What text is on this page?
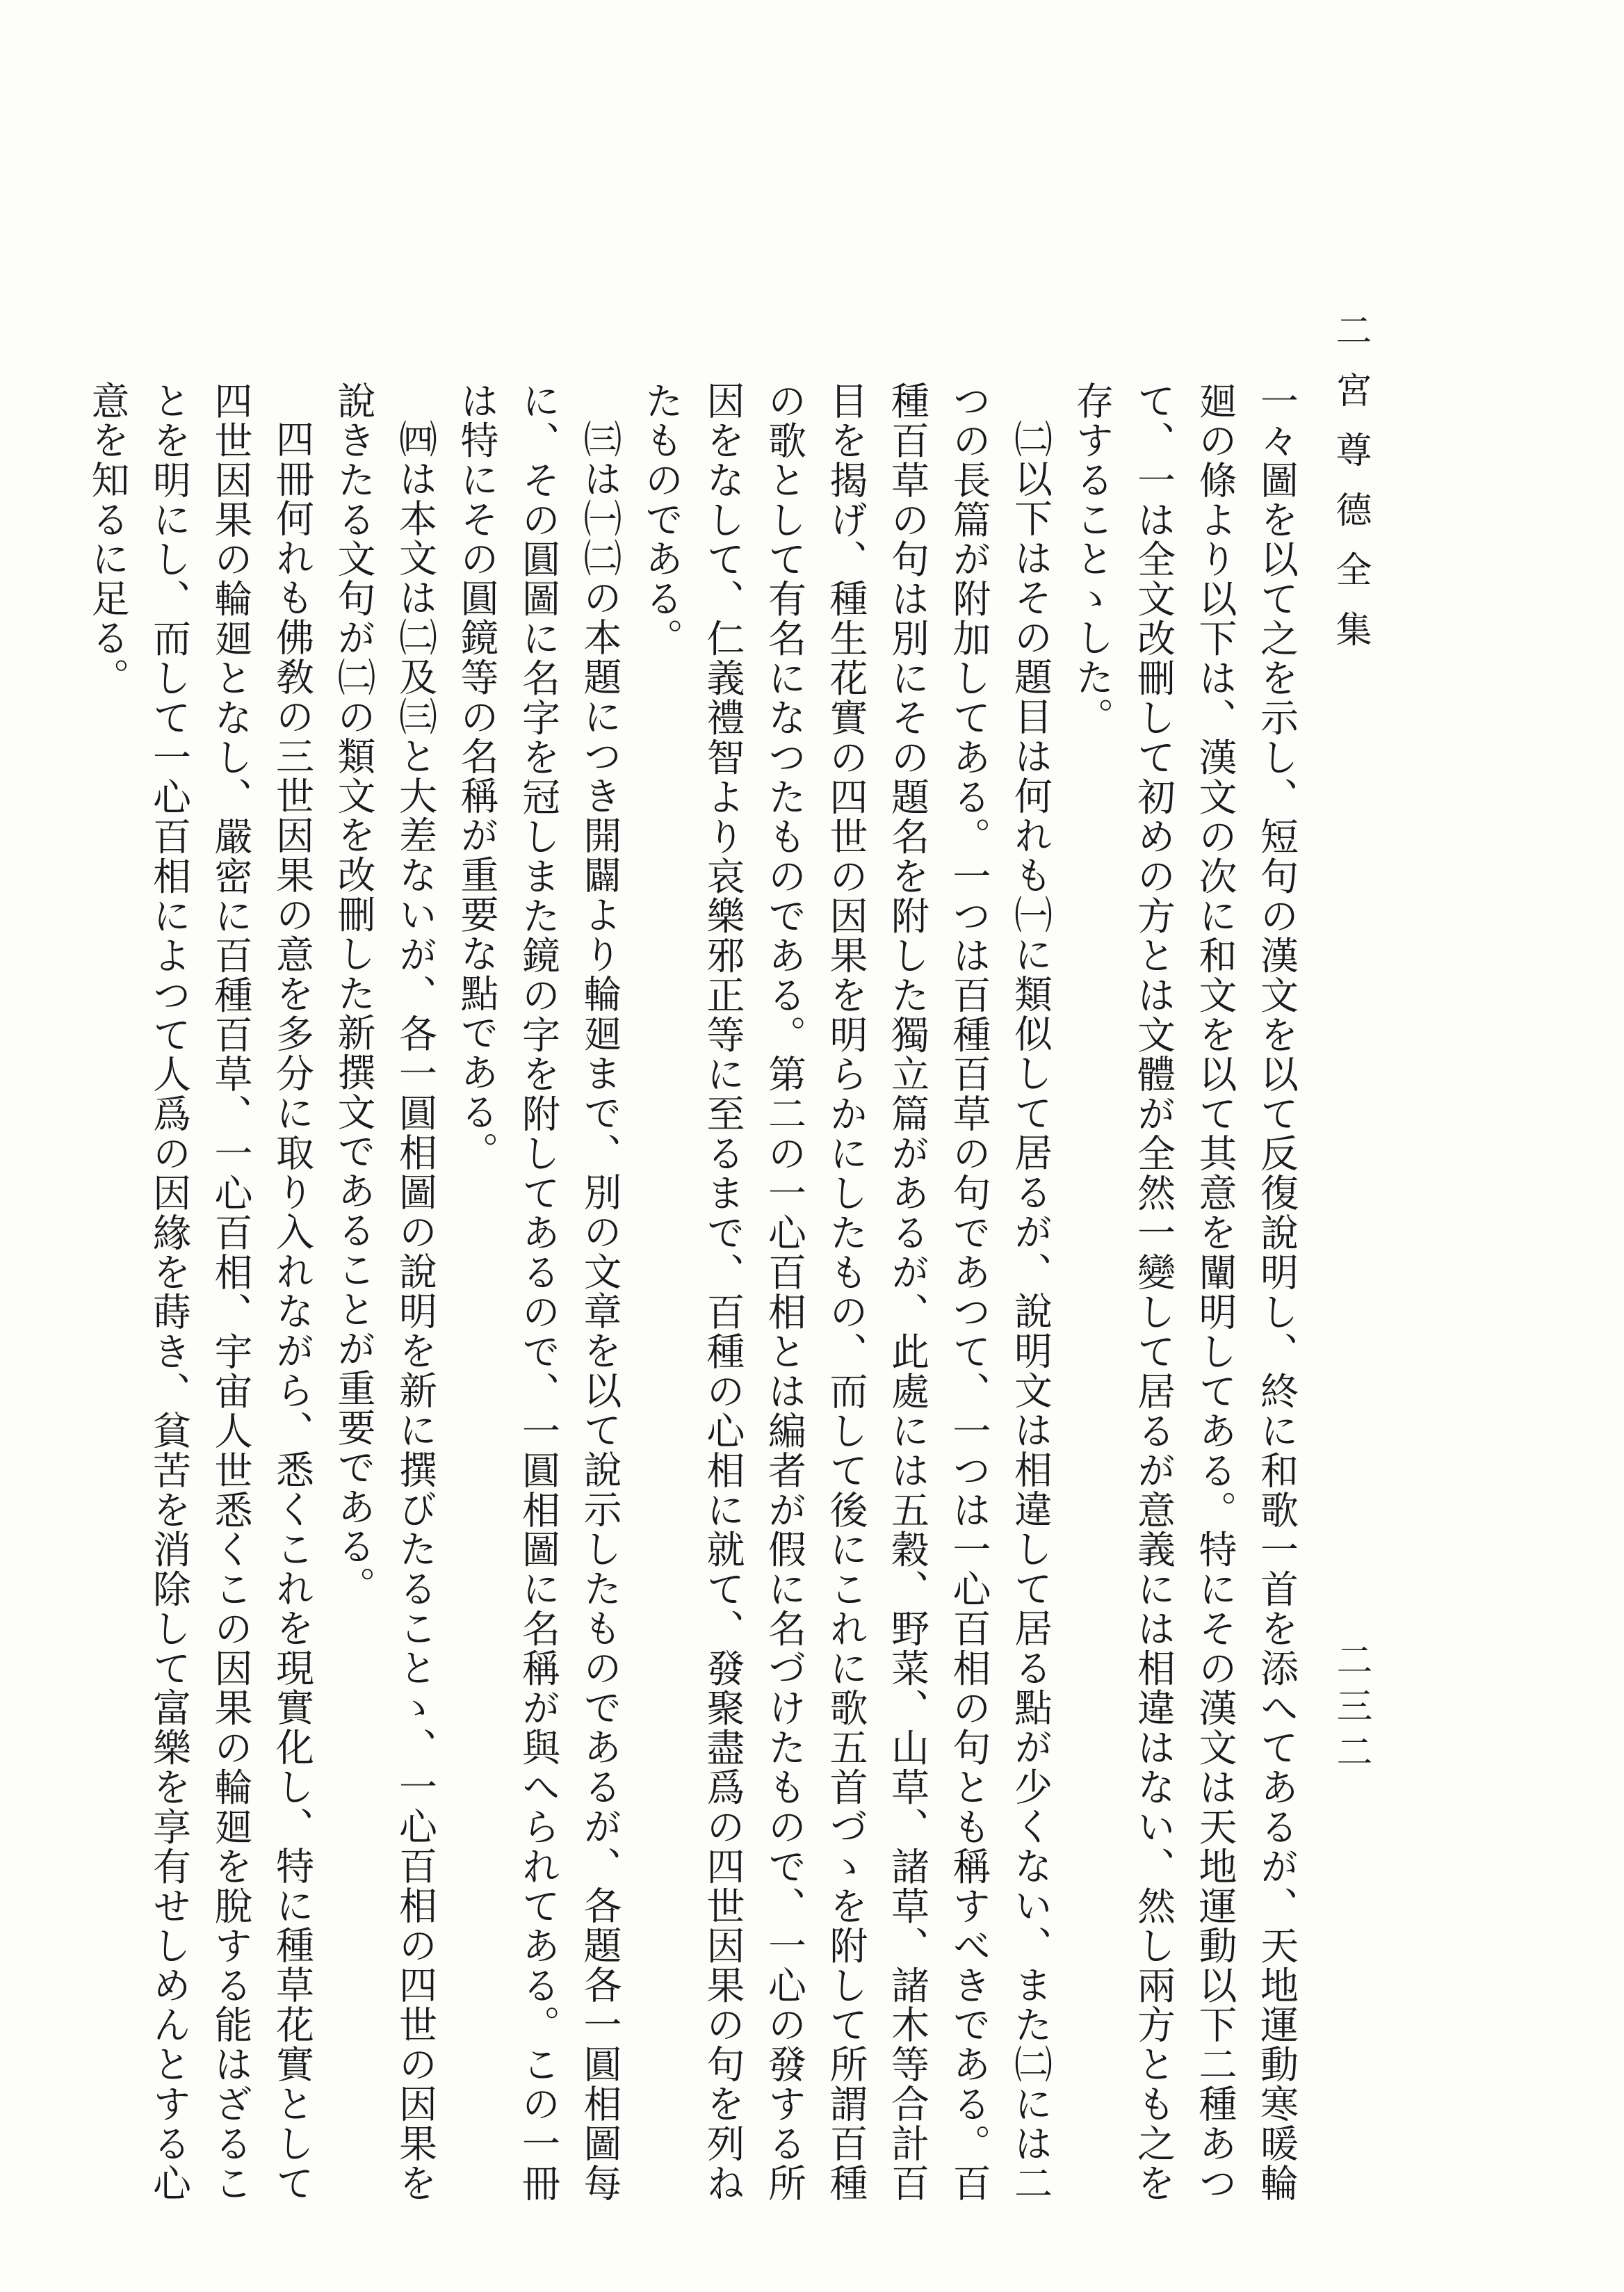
二宮尊德全集
二三二

一々圖を以て之を示し、短句の漢文を以て反復說明し、終に和歌一首を添へてあるが、天地運動寒暖輪廻の條より以下は、漢文の次に和文を以て其意を闡明してある。特にその漢文は天地運動以下二種あつて、一は全文改刪して初めの方とは文體が全然一變して居るが意義には相違はない、然し兩方とも之を存することゝした。

㈡以下はその題目は何れも㈠に類似して居るが、說明文は相違して居る點が少くない、また㈡には二つの長篇が附加してある。一つは百種百草の句であつて、一つは一心百相の句とも稱すべきである。百種百草の句は別にその題名を附した獨立篇があるが、此處には五穀、野菜、山草、諸草、諸木等合計百目を揭げ、種生花實の四世の因果を明らかにしたもの、而して後にこれに歌五首づゝを附して所謂百種の歌として有名になつたものである。第二の一心百相とは編者が假に名づけたもので、一心の發する所因をなして、仁義禮智より哀樂邪正等に至るまで、百種の心相に就て、發聚盡爲の四世因果の句を列ねたものである。

㈢は㈠㈡の本題につき開闢より輪廻まで、別の文章を以て說示したものであるが、各題各一圓相圖每に、その圓圖に名字を冠しまた鏡の字を附してあるので、一圓相圖に名稱が與へられてある。この一冊は特にその圓鏡等の名稱が重要な點である。

㈣は本文は㈡及㈢と大差ないが、各一圓相圖の說明を新に撰びたることゝ、一心百相の四世の因果を說きたる文句が㈡の類文を改刪した新撰文であることが重要である。

四冊何れも佛敎の三世因果の意を多分に取り入れながら、悉くこれを現實化し、特に種草花實として四世因果の輪廻となし、嚴密に百種百草、一心百相、宇宙人世悉くこの因果の輪廻を脫する能はざることを明にし、而して一心百相によつて人爲の因緣を蒔き、貧苦を消除して富樂を享有せしめんとする心意を知るに足る。
